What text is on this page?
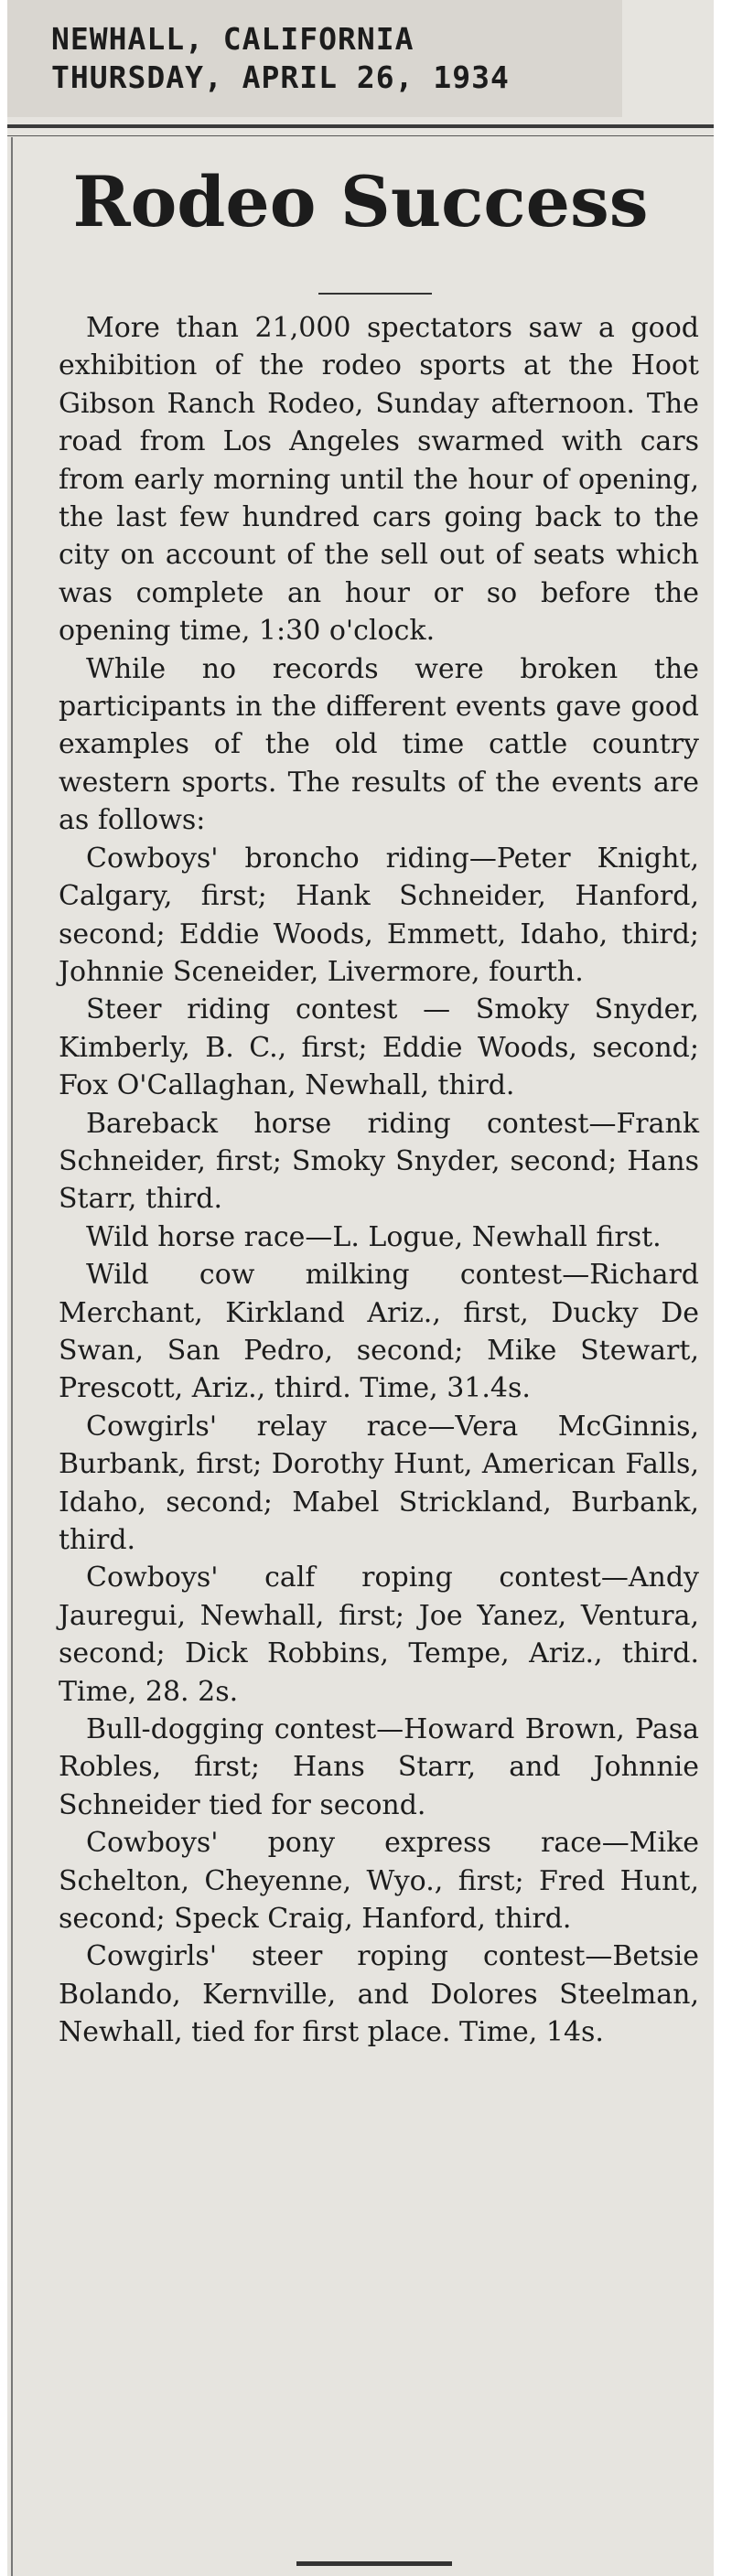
NEWHALL, CALIFORNIA
THURSDAY, APRIL 26, 1934
Rodeo Success

More than 21,000 spectators saw a good exhibition of the rodeo sports at the Hoot Gibson Ranch Rodeo, Sunday afternoon. The road from Los Angeles swarmed with cars from early morning until the hour of opening, the last few hundred cars going back to the city on account of the sell out of seats which was complete an hour or so before the opening time, 1:30 o'clock.

While no records were broken the participants in the different events gave good examples of the old time cattle country western sports. The results of the events are as follows:

Cowboys' broncho riding—Peter Knight, Calgary, first; Hank Schneider, Hanford, second; Eddie Woods, Emmett, Idaho, third; Johnnie Sceneider, Livermore, fourth.

Steer riding contest — Smoky Snyder, Kimberly, B. C., first; Eddie Woods, second; Fox O'Callaghan, Newhall, third.

Bareback horse riding contest—Frank Schneider, first; Smoky Snyder, second; Hans Starr, third.

Wild horse race—L. Logue, Newhall first.

Wild cow milking contest—Richard Merchant, Kirkland Ariz., first, Ducky De Swan, San Pedro, second; Mike Stewart, Prescott, Ariz., third. Time, 31.4s.

Cowgirls' relay race—Vera McGinnis, Burbank, first; Dorothy Hunt, American Falls, Idaho, second; Mabel Strickland, Burbank, third.

Cowboys' calf roping contest—Andy Jauregui, Newhall, first; Joe Yanez, Ventura, second; Dick Robbins, Tempe, Ariz., third. Time, 28. 2s.

Bull-dogging contest—Howard Brown, Pasa Robles, first; Hans Starr, and Johnnie Schneider tied for second.

Cowboys' pony express race—Mike Schelton, Cheyenne, Wyo., first; Fred Hunt, second; Speck Craig, Hanford, third.

Cowgirls' steer roping contest—Betsie Bolando, Kernville, and Dolores Steelman, Newhall, tied for first place. Time, 14s.
